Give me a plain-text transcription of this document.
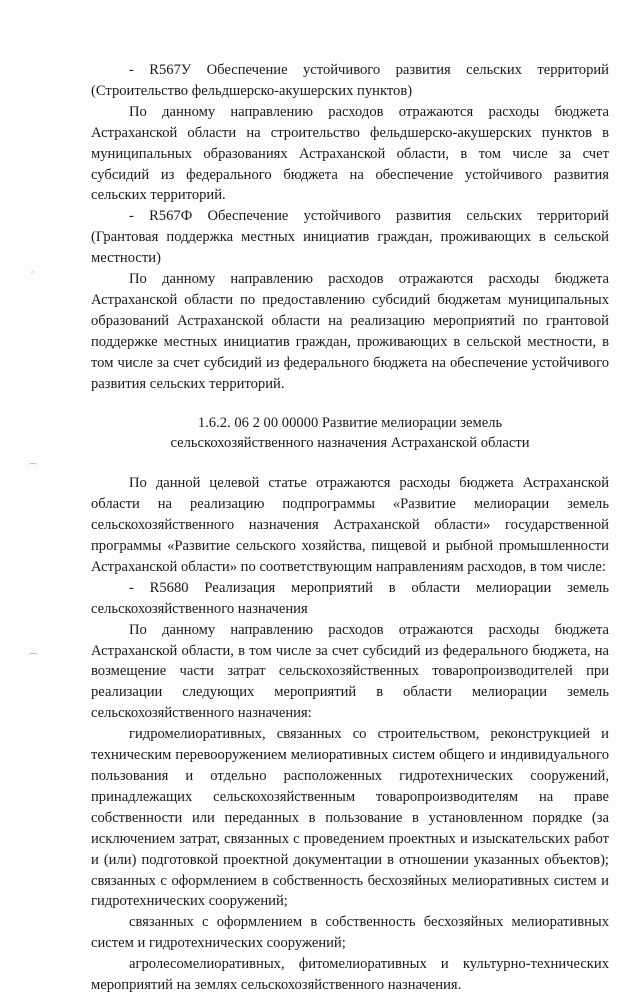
◦
⌒
⌒

- R567У Обеспечение устойчивого развития сельских территорий (Строительство фельдшерско-акушерских пунктов)

По данному направлению расходов отражаются расходы бюджета Астраханской области на строительство фельдшерско-акушерских пунктов в муниципальных образованиях Астраханской области, в том числе за счет субсидий из федерального бюджета на обеспечение устойчивого развития сельских территорий.

- R567Ф Обеспечение устойчивого развития сельских территорий (Грантовая поддержка местных инициатив граждан, проживающих в сельской местности)

По данному направлению расходов отражаются расходы бюджета Астраханской области по предоставлению субсидий бюджетам муниципальных образований Астраханской области на реализацию мероприятий по грантовой поддержке местных инициатив граждан, проживающих в сельской местности, в том числе за счет субсидий из федерального бюджета на обеспечение устойчивого развития сельских территорий.

1.6.2. 06 2 00 00000 Развитие мелиорации земель
сельскохозяйственного назначения Астраханской области

По данной целевой статье отражаются расходы бюджета Астраханской области на реализацию подпрограммы «Развитие мелиорации земель сельскохозяйственного назначения Астраханской области» государственной программы «Развитие сельского хозяйства, пищевой и рыбной промышленности Астраханской области» по соответствующим направлениям расходов, в том числе:

- R5680 Реализация мероприятий в области мелиорации земель сельскохозяйственного назначения

По данному направлению расходов отражаются расходы бюджета Астраханской области, в том числе за счет субсидий из федерального бюджета, на возмещение части затрат сельскохозяйственных товаропроизводителей при реализации следующих мероприятий в области мелиорации земель сельскохозяйственного назначения:

гидромелиоративных, связанных со строительством, реконструкцией и техническим перевооружением мелиоративных систем общего и индивидуального пользования и отдельно расположенных гидротехнических сооружений, принадлежащих сельскохозяйственным товаропроизводителям на праве собственности или переданных в пользование в установленном порядке (за исключением затрат, связанных с проведением проектных и изыскательских работ и (или) подготовкой проектной документации в отношении указанных объектов); связанных с оформлением в собственность бесхозяйных мелиоративных систем и гидротехнических сооружений;

связанных с оформлением в собственность бесхозяйных мелиоративных систем и гидротехнических сооружений;

агролесомелиоративных, фитомелиоративных и культурно-технических мероприятий на землях сельскохозяйственного назначения.
